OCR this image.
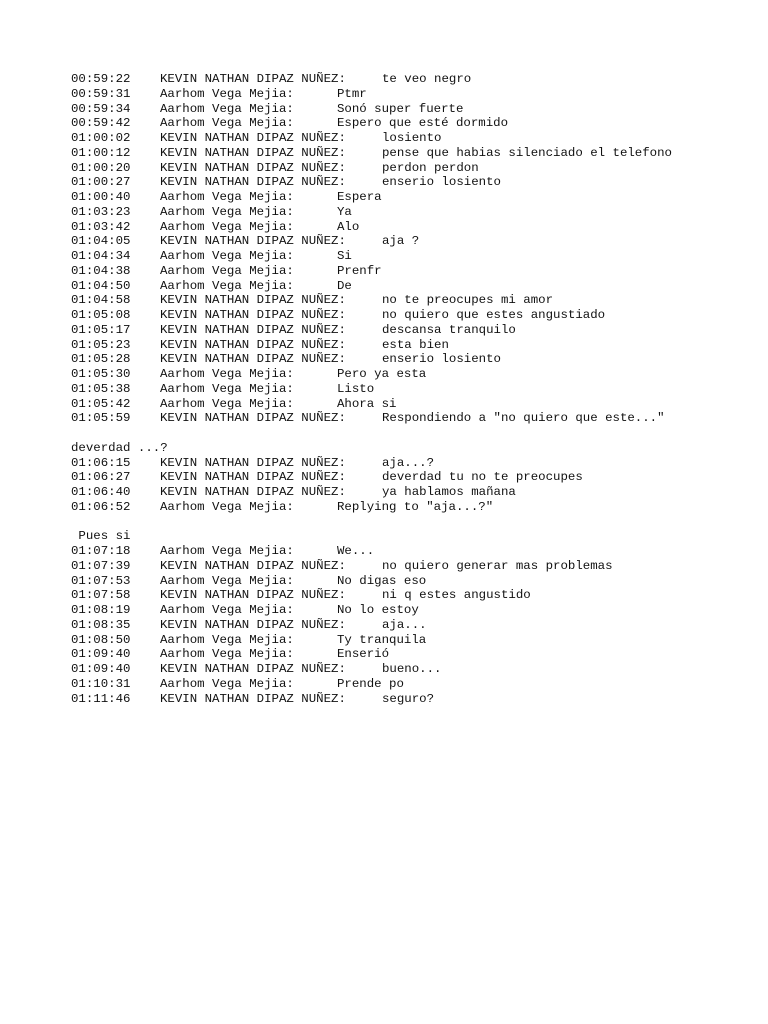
00:59:22 KEVIN NATHAN DIPAZ NUÑEZ:	te veo negro
00:59:31 Aarhom Vega Mejia:	Ptmr
00:59:34 Aarhom Vega Mejia:	Sonó super fuerte
00:59:42 Aarhom Vega Mejia:	Espero que esté dormido
01:00:02 KEVIN NATHAN DIPAZ NUÑEZ:	losiento
01:00:12 KEVIN NATHAN DIPAZ NUÑEZ:	pense que habias silenciado el telefono
01:00:20 KEVIN NATHAN DIPAZ NUÑEZ:	perdon perdon
01:00:27 KEVIN NATHAN DIPAZ NUÑEZ:	enserio losiento
01:00:40 Aarhom Vega Mejia:	Espera
01:03:23 Aarhom Vega Mejia:	Ya
01:03:42 Aarhom Vega Mejia:	Alo
01:04:05 KEVIN NATHAN DIPAZ NUÑEZ:	aja ?
01:04:34 Aarhom Vega Mejia:	Si
01:04:38 Aarhom Vega Mejia:	Prenfr
01:04:50 Aarhom Vega Mejia:	De
01:04:58 KEVIN NATHAN DIPAZ NUÑEZ:	no te preocupes mi amor
01:05:08 KEVIN NATHAN DIPAZ NUÑEZ:	no quiero que estes angustiado
01:05:17 KEVIN NATHAN DIPAZ NUÑEZ:	descansa tranquilo
01:05:23 KEVIN NATHAN DIPAZ NUÑEZ:	esta bien
01:05:28 KEVIN NATHAN DIPAZ NUÑEZ:	enserio losiento
01:05:30 Aarhom Vega Mejia:	Pero ya esta
01:05:38 Aarhom Vega Mejia:	Listo
01:05:42 Aarhom Vega Mejia:	Ahora si
01:05:59 KEVIN NATHAN DIPAZ NUÑEZ:	Respondiendo a "no quiero que este..."
deverdad ...?
01:06:15 KEVIN NATHAN DIPAZ NUÑEZ:	aja...?
01:06:27 KEVIN NATHAN DIPAZ NUÑEZ:	deverdad tu no te preocupes
01:06:40 KEVIN NATHAN DIPAZ NUÑEZ:	ya hablamos mañana
01:06:52 Aarhom Vega Mejia:	Replying to "aja...?"
Pues si
01:07:18 Aarhom Vega Mejia:	We...
01:07:39 KEVIN NATHAN DIPAZ NUÑEZ:	no quiero generar mas problemas
01:07:53 Aarhom Vega Mejia:	No digas eso
01:07:58 KEVIN NATHAN DIPAZ NUÑEZ:	ni q estes angustido
01:08:19 Aarhom Vega Mejia:	No lo estoy
01:08:35 KEVIN NATHAN DIPAZ NUÑEZ:	aja...
01:08:50 Aarhom Vega Mejia:	Ty tranquila
01:09:40 Aarhom Vega Mejia:	Enserió
01:09:40 KEVIN NATHAN DIPAZ NUÑEZ:	bueno...
01:10:31 Aarhom Vega Mejia:	Prende po
01:11:46 KEVIN NATHAN DIPAZ NUÑEZ:	seguro?
